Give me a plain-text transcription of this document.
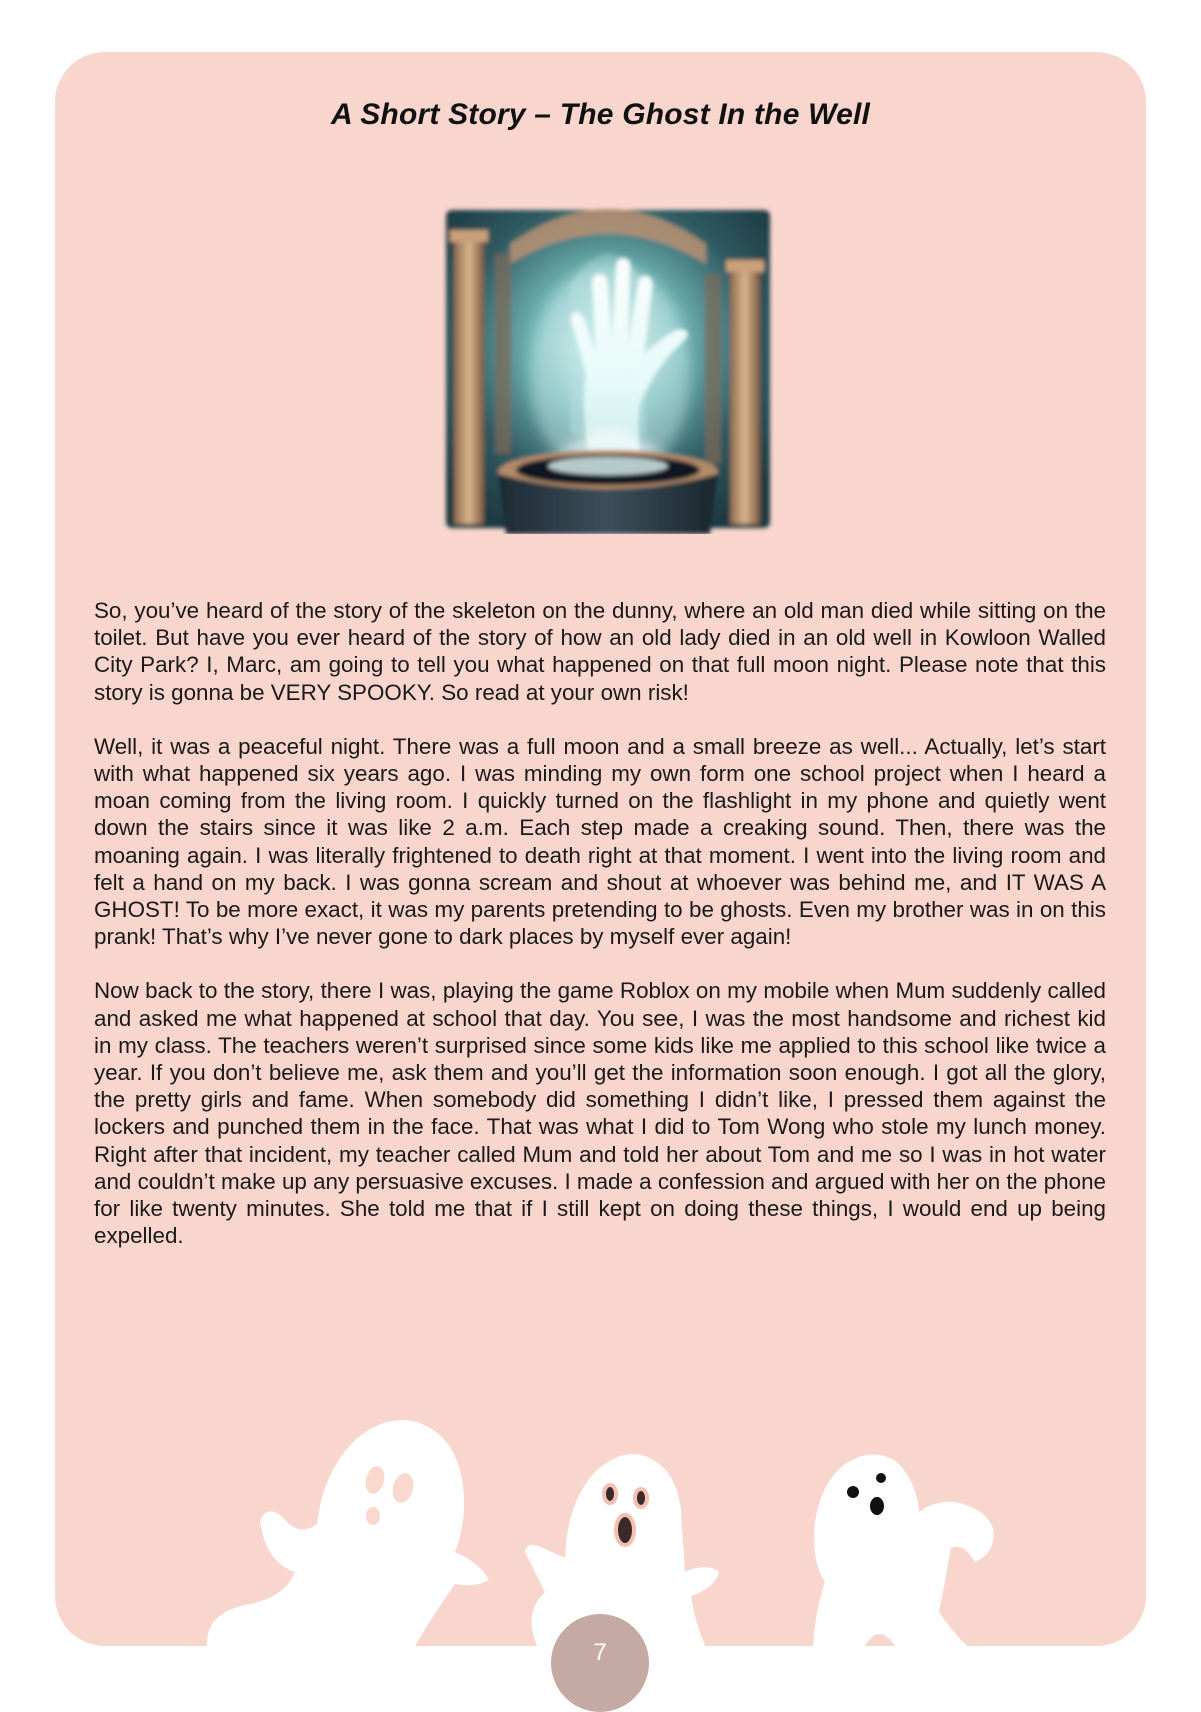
A Short Story – The Ghost In the Well

So, you’ve heard of the story of the skeleton on the dunny, where an old man died while sitting on the toilet. But have you ever heard of the story of how an old lady died in an old well in Kowloon Walled City Park? I, Marc, am going to tell you what happened on that full moon night. Please note that this story is gonna be VERY SPOOKY. So read at your own risk!

Well, it was a peaceful night. There was a full moon and a small breeze as well... Actually, let’s start with what happened six years ago. I was minding my own form one school project when I heard a moan coming from the living room. I quickly turned on the flashlight in my phone and quietly went down the stairs since it was like 2 a.m. Each step made a creaking sound. Then, there was the moaning again. I was literally frightened to death right at that moment. I went into the living room and felt a hand on my back. I was gonna scream and shout at whoever was behind me, and IT WAS A GHOST! To be more exact, it was my parents pretending to be ghosts. Even my brother was in on this prank! That’s why I’ve never gone to dark places by myself ever again!

Now back to the story, there I was, playing the game Roblox on my mobile when Mum suddenly called and asked me what happened at school that day. You see, I was the most handsome and richest kid in my class. The teachers weren’t surprised since some kids like me applied to this school like twice a year. If you don’t believe me, ask them and you’ll get the information soon enough. I got all the glory, the pretty girls and fame. When somebody did something I didn’t like, I pressed them against the lockers and punched them in the face. That was what I did to Tom Wong who stole my lunch money. Right after that incident, my teacher called Mum and told her about Tom and me so I was in hot water and couldn’t make up any persuasive excuses. I made a confession and argued with her on the phone for like twenty minutes. She told me that if I still kept on doing these things, I would end up being expelled.

7
